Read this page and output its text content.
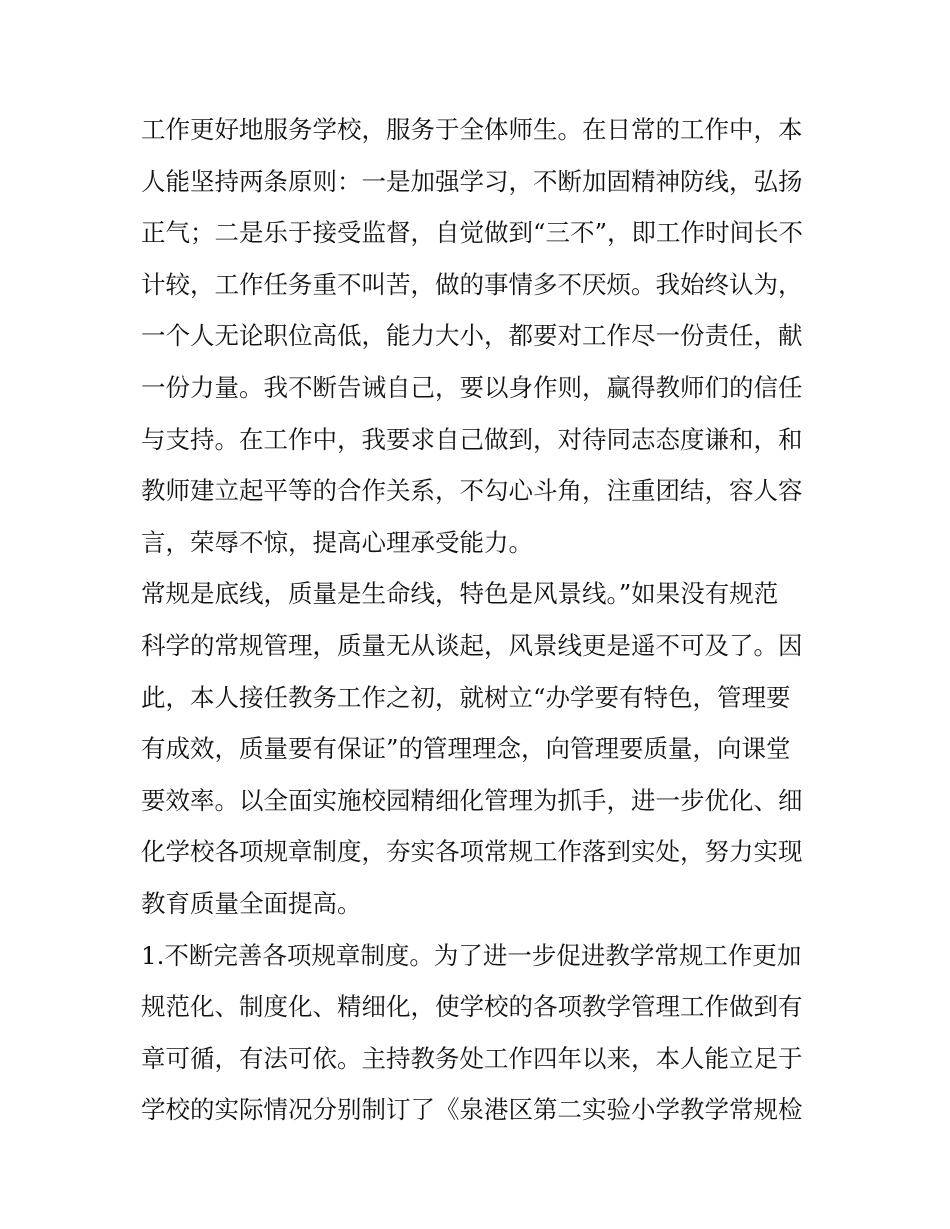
工作更好地服务学校，服务于全体师生。在日常的工作中，本
人能坚持两条原则：一是加强学习，不断加固精神防线，弘扬
正气；二是乐于接受监督，自觉做到“三不”，即工作时间长不
计较，工作任务重不叫苦，做的事情多不厌烦。我始终认为，
一个人无论职位高低，能力大小，都要对工作尽一份责任，献
一份力量。我不断告诫自己，要以身作则，赢得教师们的信任
与支持。在工作中，我要求自己做到，对待同志态度谦和，和
教师建立起平等的合作关系，不勾心斗角，注重团结，容人容
言，荣辱不惊，提高心理承受能力。
常规是底线，质量是生命线，特色是风景线。”如果没有规范
科学的常规管理，质量无从谈起，风景线更是遥不可及了。因
此，本人接任教务工作之初，就树立“办学要有特色，管理要
有成效，质量要有保证”的管理理念，向管理要质量，向课堂
要效率。以全面实施校园精细化管理为抓手，进一步优化、细
化学校各项规章制度，夯实各项常规工作落到实处，努力实现
教育质量全面提高。
1.不断完善各项规章制度。为了进一步促进教学常规工作更加
规范化、制度化、精细化，使学校的各项教学管理工作做到有
章可循，有法可依。主持教务处工作四年以来，本人能立足于
学校的实际情况分别制订了《泉港区第二实验小学教学常规检
